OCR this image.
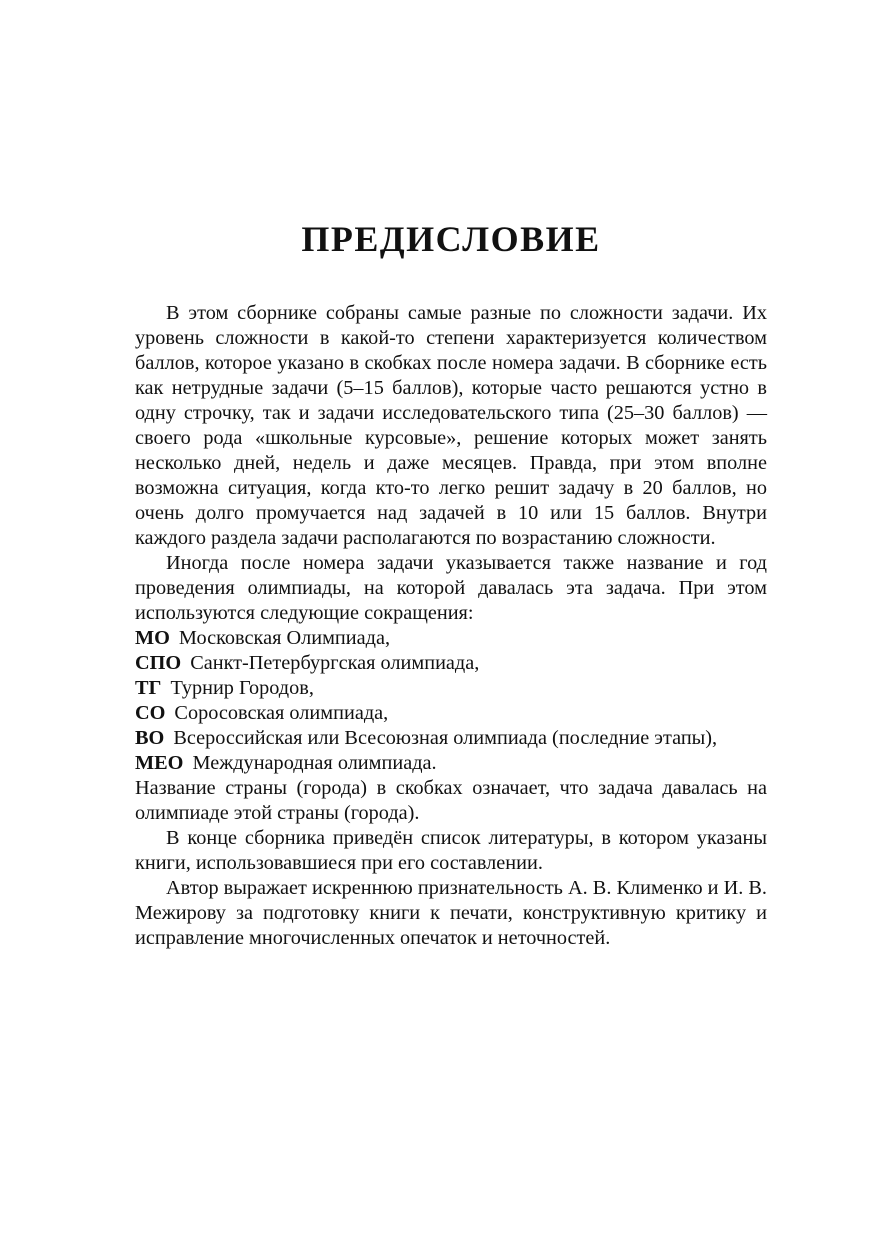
ПРЕДИСЛОВИЕ

В этом сборнике собраны самые разные по сложности задачи. Их уровень сложности в какой-то степени характеризуется количеством баллов, которое указано в скобках после номера задачи. В сборнике есть как нетрудные задачи (5–15 баллов), которые часто решаются устно в одну строчку, так и задачи исследовательского типа (25–30 баллов) — своего рода «школьные курсовые», решение которых может занять несколько дней, недель и даже месяцев. Правда, при этом вполне возможна ситуация, когда кто-то легко решит задачу в 20 баллов, но очень долго промучается над задачей в 10 или 15 баллов. Внутри каждого раздела задачи располагаются по возрастанию сложности.

Иногда после номера задачи указывается также название и год проведения олимпиады, на которой давалась эта задача. При этом используются следующие сокращения:

МО Московская Олимпиада,
СПО Санкт-Петербургская олимпиада,
ТГ Турнир Городов,
СО Соросовская олимпиада,
ВО Всероссийская или Всесоюзная олимпиада (последние этапы),
МЕО Международная олимпиада.

Название страны (города) в скобках означает, что задача давалась на олимпиаде этой страны (города).

В конце сборника приведён список литературы, в котором указаны книги, использовавшиеся при его составлении.

Автор выражает искреннюю признательность А. В. Клименко и И. В. Межирову за подготовку книги к печати, конструктивную критику и исправление многочисленных опечаток и неточностей.
